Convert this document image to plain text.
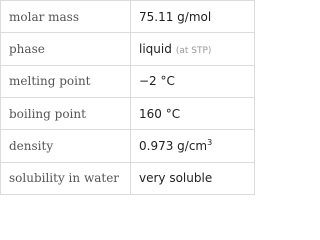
molar mass	75.11 g/mol
phase	liquid (at STP)
melting point	−2 °C
boiling point	160 °C
density	0.973 $g/cm^3$
solubility in water	very soluble
